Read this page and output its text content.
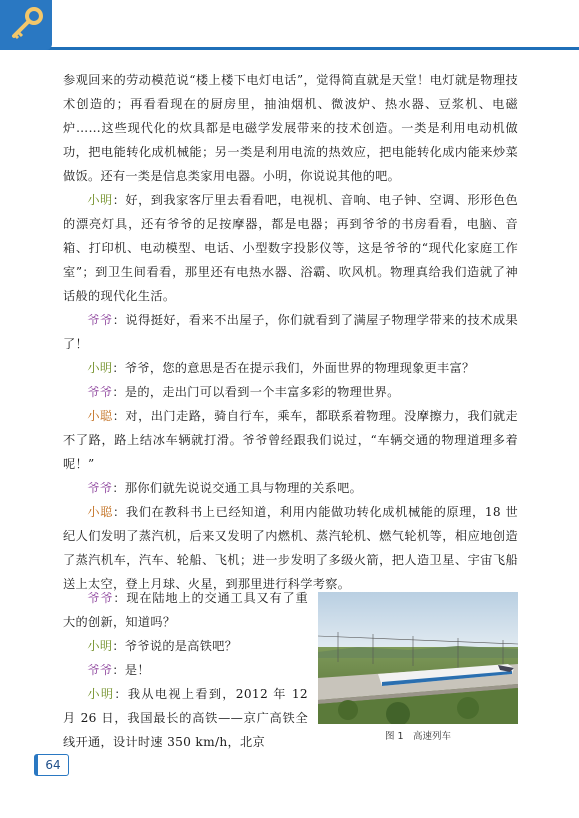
参观回来的劳动模范说“楼上楼下电灯电话”，觉得简直就是天堂！电灯就是物理技术创造的；再看看现在的厨房里，抽油烟机、微波炉、热水器、豆浆机、电磁炉……这些现代化的炊具都是电磁学发展带来的技术创造。一类是利用电动机做功，把电能转化成机械能；另一类是利用电流的热效应，把电能转化成内能来炒菜做饭。还有一类是信息类家用电器。小明，你说说其他的吧。

小明：好，到我家客厅里去看看吧，电视机、音响、电子钟、空调、形形色色的漂亮灯具，还有爷爷的足按摩器，都是电器；再到爷爷的书房看看，电脑、音箱、打印机、电动模型、电话、小型数字投影仪等，这是爷爷的“现代化家庭工作室”；到卫生间看看，那里还有电热水器、浴霸、吹风机。物理真给我们造就了神话般的现代化生活。

爷爷：说得挺好，看来不出屋子，你们就看到了满屋子物理学带来的技术成果了！

小明：爷爷，您的意思是否在提示我们，外面世界的物理现象更丰富？

爷爷：是的，走出门可以看到一个丰富多彩的物理世界。

小聪：对，出门走路，骑自行车，乘车，都联系着物理。没摩擦力，我们就走不了路，路上结冰车辆就打滑。爷爷曾经跟我们说过，“车辆交通的物理道理多着呢！”

爷爷：那你们就先说说交通工具与物理的关系吧。

小聪：我们在教科书上已经知道，利用内能做功转化成机械能的原理，18 世纪人们发明了蒸汽机，后来又发明了内燃机、蒸汽轮机、燃气轮机等，相应地创造了蒸汽机车，汽车、轮船、飞机；进一步发明了多级火箭，把人造卫星、宇宙飞船送上太空，登上月球、火星，到那里进行科学考察。

爷爷：现在陆地上的交通工具又有了重大的创新，知道吗？

小明：爷爷说的是高铁吧？

爷爷：是！

小明：我从电视上看到，2012 年 12 月 26 日，我国最长的高铁——京广高铁全线开通，设计时速 350 km/h，北京	图 1　高速列车
64
